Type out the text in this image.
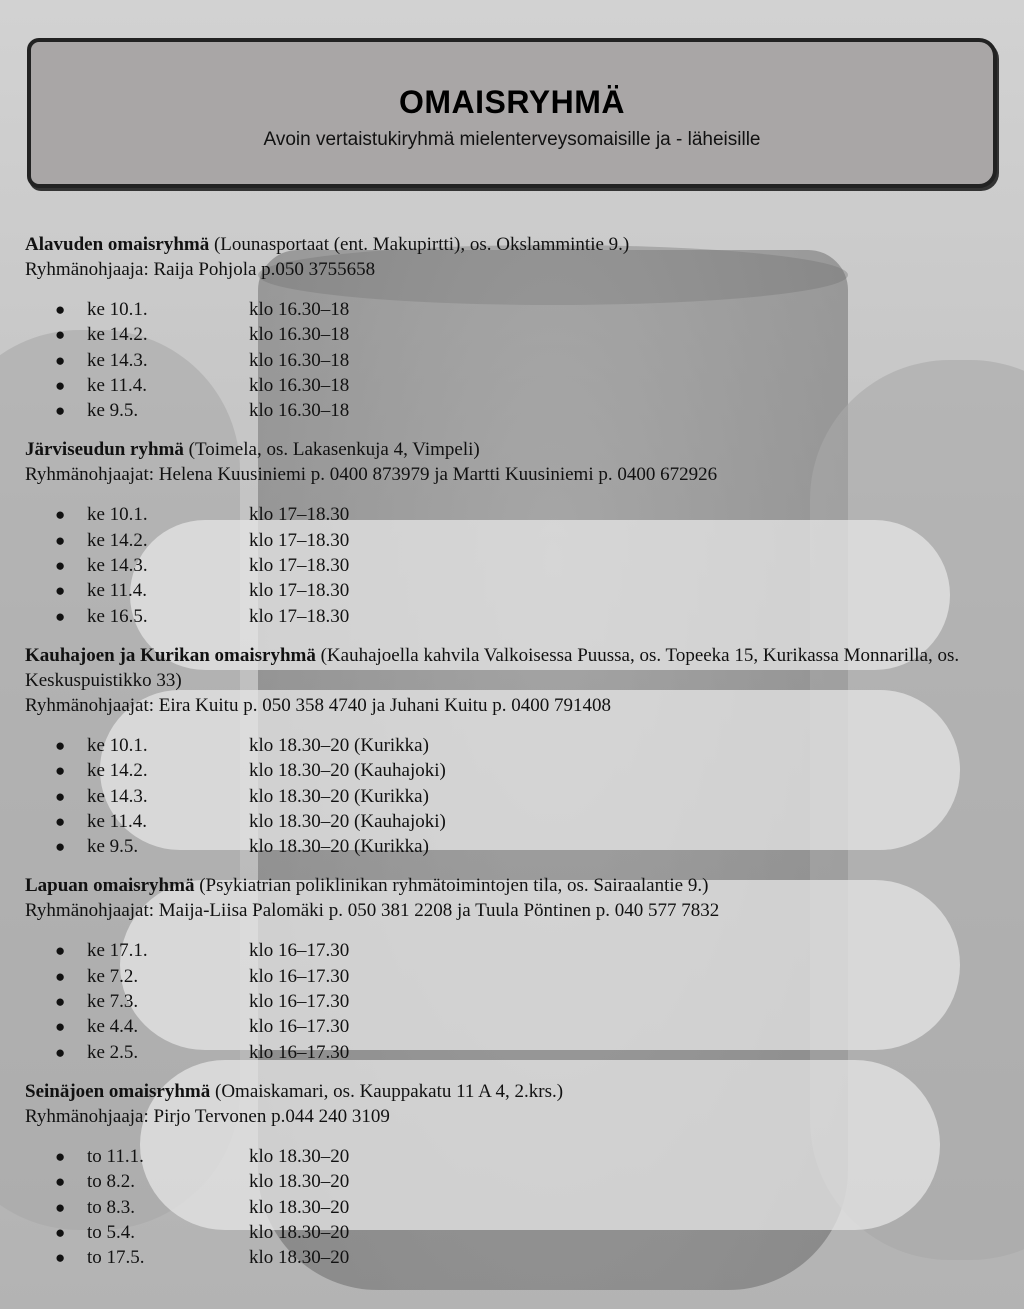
OMAISRYHMÄ
Avoin vertaistukiryhmä mielenterveysomaisille ja - läheisille
Alavuden omaisryhmä (Lounasportaat (ent. Makupirtti), os. Okslammintie 9.)
Ryhmänohjaaja: Raija Pohjola p.050 3755658
● ke 10.1.	klo 16.30–18
● ke 14.2.	klo 16.30–18
● ke 14.3.	klo 16.30–18
● ke 11.4.	klo 16.30–18
● ke 9.5.	klo 16.30–18
Järviseudun ryhmä (Toimela, os. Lakasenkuja 4, Vimpeli)
Ryhmänohjaajat: Helena Kuusiniemi p. 0400 873979 ja Martti Kuusiniemi p. 0400 672926
● ke 10.1.	klo 17–18.30
● ke 14.2.	klo 17–18.30
● ke 14.3.	klo 17–18.30
● ke 11.4.	klo 17–18.30
● ke 16.5.	klo 17–18.30
Kauhajoen ja Kurikan omaisryhmä (Kauhajoella kahvila Valkoisessa Puussa, os. Topeeka 15, Kurikassa Monnarilla, os. Keskuspuistikko 33)
Ryhmänohjaajat: Eira Kuitu p. 050 358 4740 ja Juhani Kuitu p. 0400 791408
● ke 10.1.	klo 18.30–20 (Kurikka)
● ke 14.2.	klo 18.30–20 (Kauhajoki)
● ke 14.3.	klo 18.30–20 (Kurikka)
● ke 11.4.	klo 18.30–20 (Kauhajoki)
● ke 9.5.	klo 18.30–20 (Kurikka)
Lapuan omaisryhmä (Psykiatrian poliklinikan ryhmätoimintojen tila, os. Sairaalantie 9.)
Ryhmänohjaajat: Maija-Liisa Palomäki p. 050 381 2208 ja Tuula Pöntinen p. 040 577 7832
● ke 17.1.	klo 16–17.30
● ke 7.2.	klo 16–17.30
● ke 7.3.	klo 16–17.30
● ke 4.4.	klo 16–17.30
● ke 2.5.	klo 16–17.30
Seinäjoen omaisryhmä (Omaiskamari, os. Kauppakatu 11 A 4, 2.krs.)
Ryhmänohjaaja: Pirjo Tervonen p.044 240 3109
● to 11.1.	klo 18.30–20
● to 8.2.	klo 18.30–20
● to 8.3.	klo 18.30–20
● to 5.4.	klo 18.30–20
● to 17.5.	klo 18.30–20
